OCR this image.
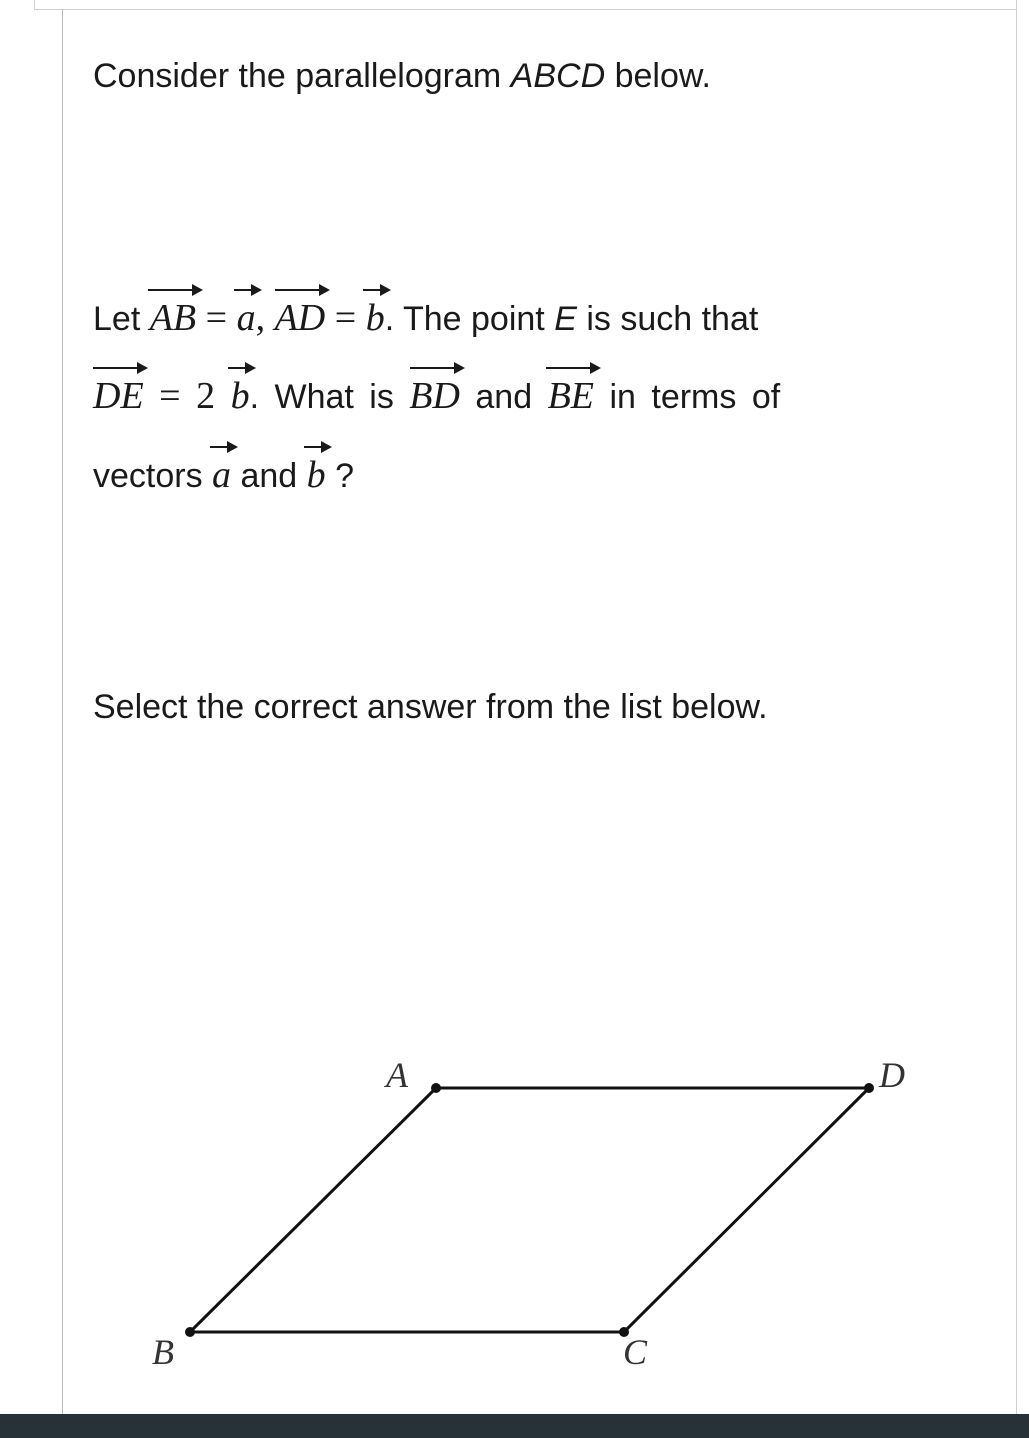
Consider the parallelogram ABCD below.
Let AB = a, AD = b. The point E is such that
DE = 2 b. What is BD and BE in terms of
vectors a and b ?
Select the correct answer from the list below.
A	D
C
B
